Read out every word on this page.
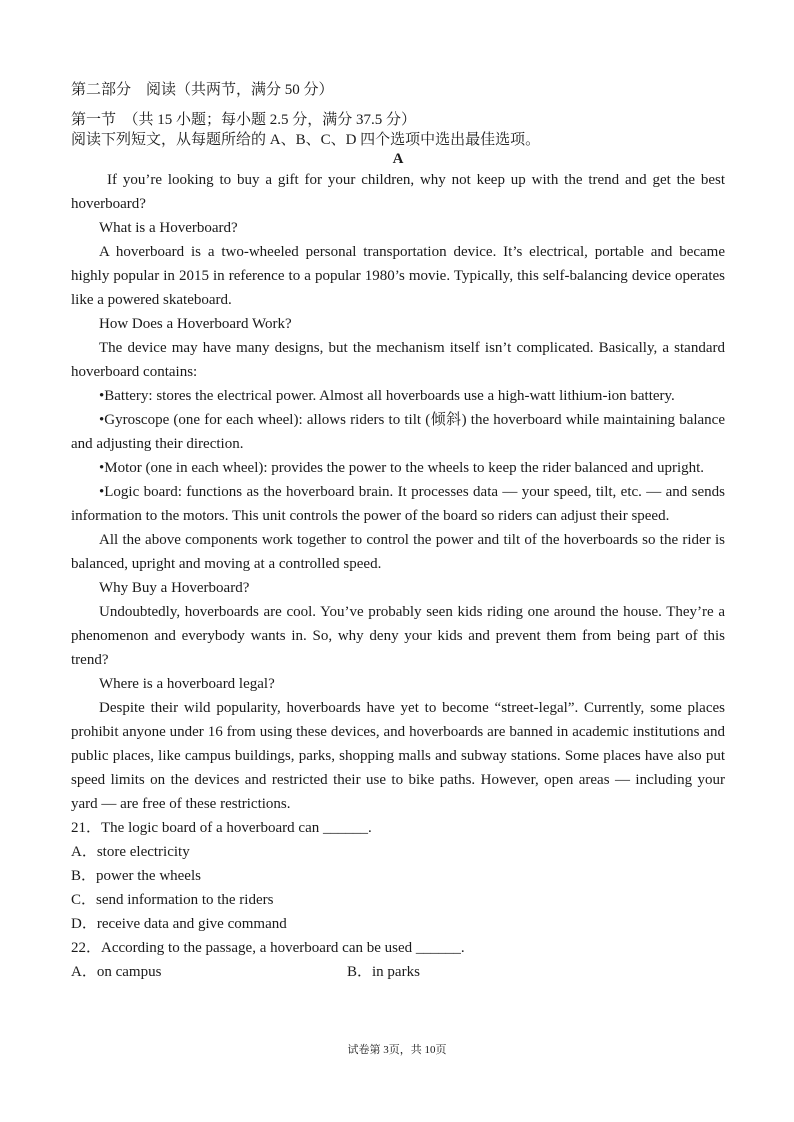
第二部分　阅读（共两节，满分 50 分）
第一节　（共 15 小题；每小题 2.5 分，满分 37.5 分）
阅读下列短文，从每题所给的 A、B、C、D 四个选项中选出最佳选项。
A
If you’re looking to buy a gift for your children, why not keep up with the trend and get the best hoverboard?
What is a Hoverboard?
A hoverboard is a two-wheeled personal transportation device. It’s electrical, portable and became highly popular in 2015 in reference to a popular 1980’s movie. Typically, this self-balancing device operates like a powered skateboard.
How Does a Hoverboard Work?
The device may have many designs, but the mechanism itself isn’t complicated. Basically, a standard hoverboard contains:
•Battery: stores the electrical power. Almost all hoverboards use a high-watt lithium-ion battery.
•Gyroscope (one for each wheel): allows riders to tilt (倾斜) the hoverboard while maintaining balance and adjusting their direction.
•Motor (one in each wheel): provides the power to the wheels to keep the rider balanced and upright.
•Logic board: functions as the hoverboard brain. It processes data — your speed, tilt, etc. — and sends information to the motors. This unit controls the power of the board so riders can adjust their speed.
All the above components work together to control the power and tilt of the hoverboards so the rider is balanced, upright and moving at a controlled speed.
Why Buy a Hoverboard?
Undoubtedly, hoverboards are cool. You’ve probably seen kids riding one around the house. They’re a phenomenon and everybody wants in. So, why deny your kids and prevent them from being part of this trend?
Where is a hoverboard legal?
Despite their wild popularity, hoverboards have yet to become “street-legal”. Currently, some places prohibit anyone under 16 from using these devices, and hoverboards are banned in academic institutions and public places, like campus buildings, parks, shopping malls and subway stations. Some places have also put speed limits on the devices and restricted their use to bike paths. However, open areas — including your yard — are free of these restrictions.
21．The logic board of a hoverboard can ______.
A．store electricity
B．power the wheels
C．send information to the riders
D．receive data and give command
22．According to the passage, a hoverboard can be used ______.
A．on campus	B．in parks
试卷第 3页，共 10页
